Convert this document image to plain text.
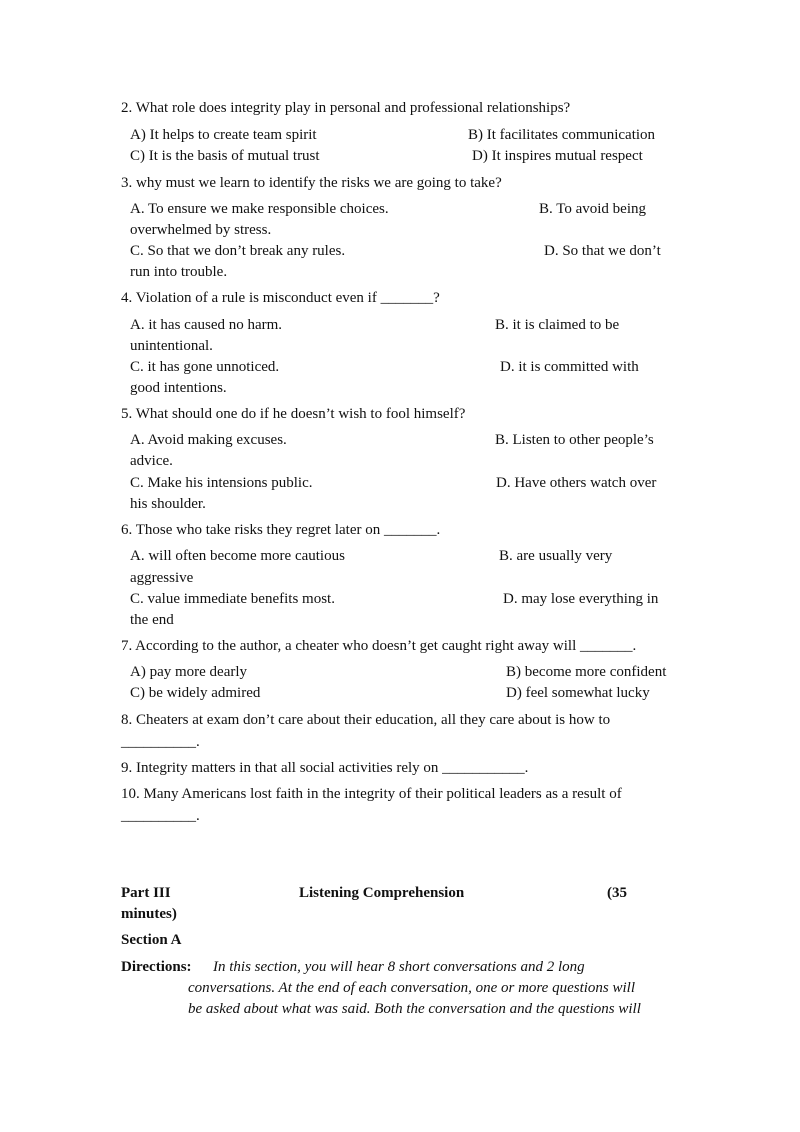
2. What role does integrity play in personal and professional relationships?
A) It helps to create team spirit	B) It facilitates communication
C) It is the basis of mutual trust	D) It inspires mutual respect
3. why must we learn to identify the risks we are going to take?
A. To ensure we make responsible choices.	B. To avoid being
overwhelmed by stress.
C. So that we don’t break any rules.	D. So that we don’t
run into trouble.
4. Violation of a rule is misconduct even if _______?
A. it has caused no harm.	B. it is claimed to be
unintentional.
C. it has gone unnoticed.	D. it is committed with
good intentions.
5. What should one do if he doesn’t wish to fool himself?
A. Avoid making excuses.	B. Listen to other people’s
advice.
C. Make his intensions public.	D. Have others watch over
his shoulder.
6. Those who take risks they regret later on _______.
A. will often become more cautious	B. are usually very
aggressive
C. value immediate benefits most.	D. may lose everything in
the end
7. According to the author, a cheater who doesn’t get caught right away will _______.
A) pay more dearly	B) become more confident
C) be widely admired	D) feel somewhat lucky
8. Cheaters at exam don’t care about their education, all they care about is how to
__________.
9. Integrity matters in that all social activities rely on ___________.
10. Many Americans lost faith in the integrity of their political leaders as a result of
__________.
Part III	Listening Comprehension	(35
minutes)
Section A
Directions: In this section, you will hear 8 short conversations and 2 long
conversations. At the end of each conversation, one or more questions will
be asked about what was said. Both the conversation and the questions will
